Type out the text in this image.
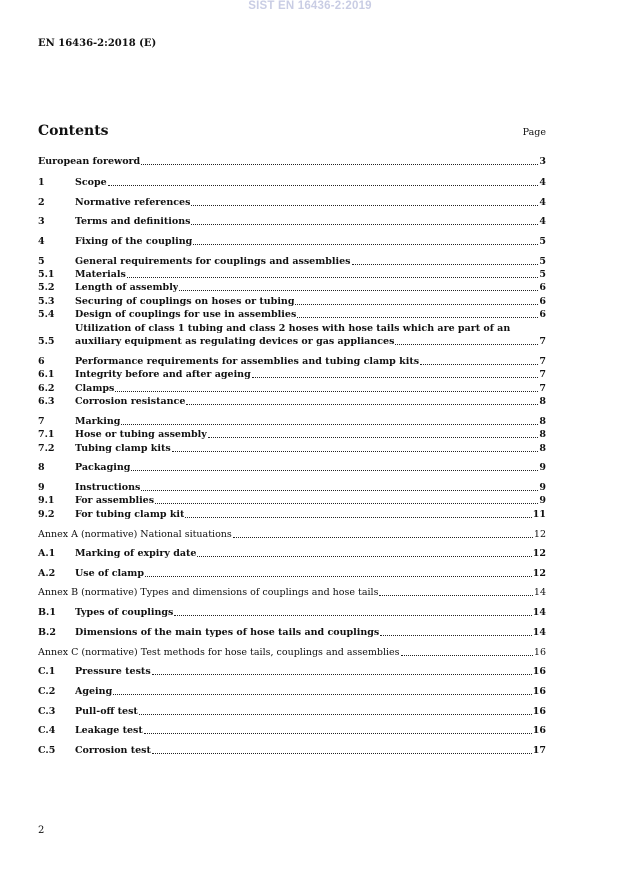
SIST EN 16436-2:2019
EN 16436-2:2018 (E)
Contents	Page
European foreword	3
1	Scope	4
2	Normative references	4
3	Terms and definitions	4
4	Fixing of the coupling	5
5	General requirements for couplings and assemblies	5
5.1	Materials	5
5.2	Length of assembly	6
5.3	Securing of couplings on hoses or tubing	6
5.4	Design of couplings for use in assemblies	6
Utilization of class 1 tubing and class 2 hoses with hose tails which are part of an
5.5	auxiliary equipment as regulating devices or gas appliances	7
6	Performance requirements for assemblies and tubing clamp kits	7
6.1	Integrity before and after ageing	7
6.2	Clamps	7
6.3	Corrosion resistance	8
7	Marking	8
7.1	Hose or tubing assembly	8
7.2	Tubing clamp kits	8
8	Packaging	9
9	Instructions	9
9.1	For assemblies	9
9.2	For tubing clamp kit	11
Annex A (normative) National situations	12
A.1	Marking of expiry date	12
A.2	Use of clamp	12
Annex B (normative) Types and dimensions of couplings and hose tails	14
B.1	Types of couplings	14
B.2	Dimensions of the main types of hose tails and couplings	14
Annex C (normative) Test methods for hose tails, couplings and assemblies	16
C.1	Pressure tests	16
C.2	Ageing	16
C.3	Pull-off test	16
C.4	Leakage test	16
C.5	Corrosion test	17
2
